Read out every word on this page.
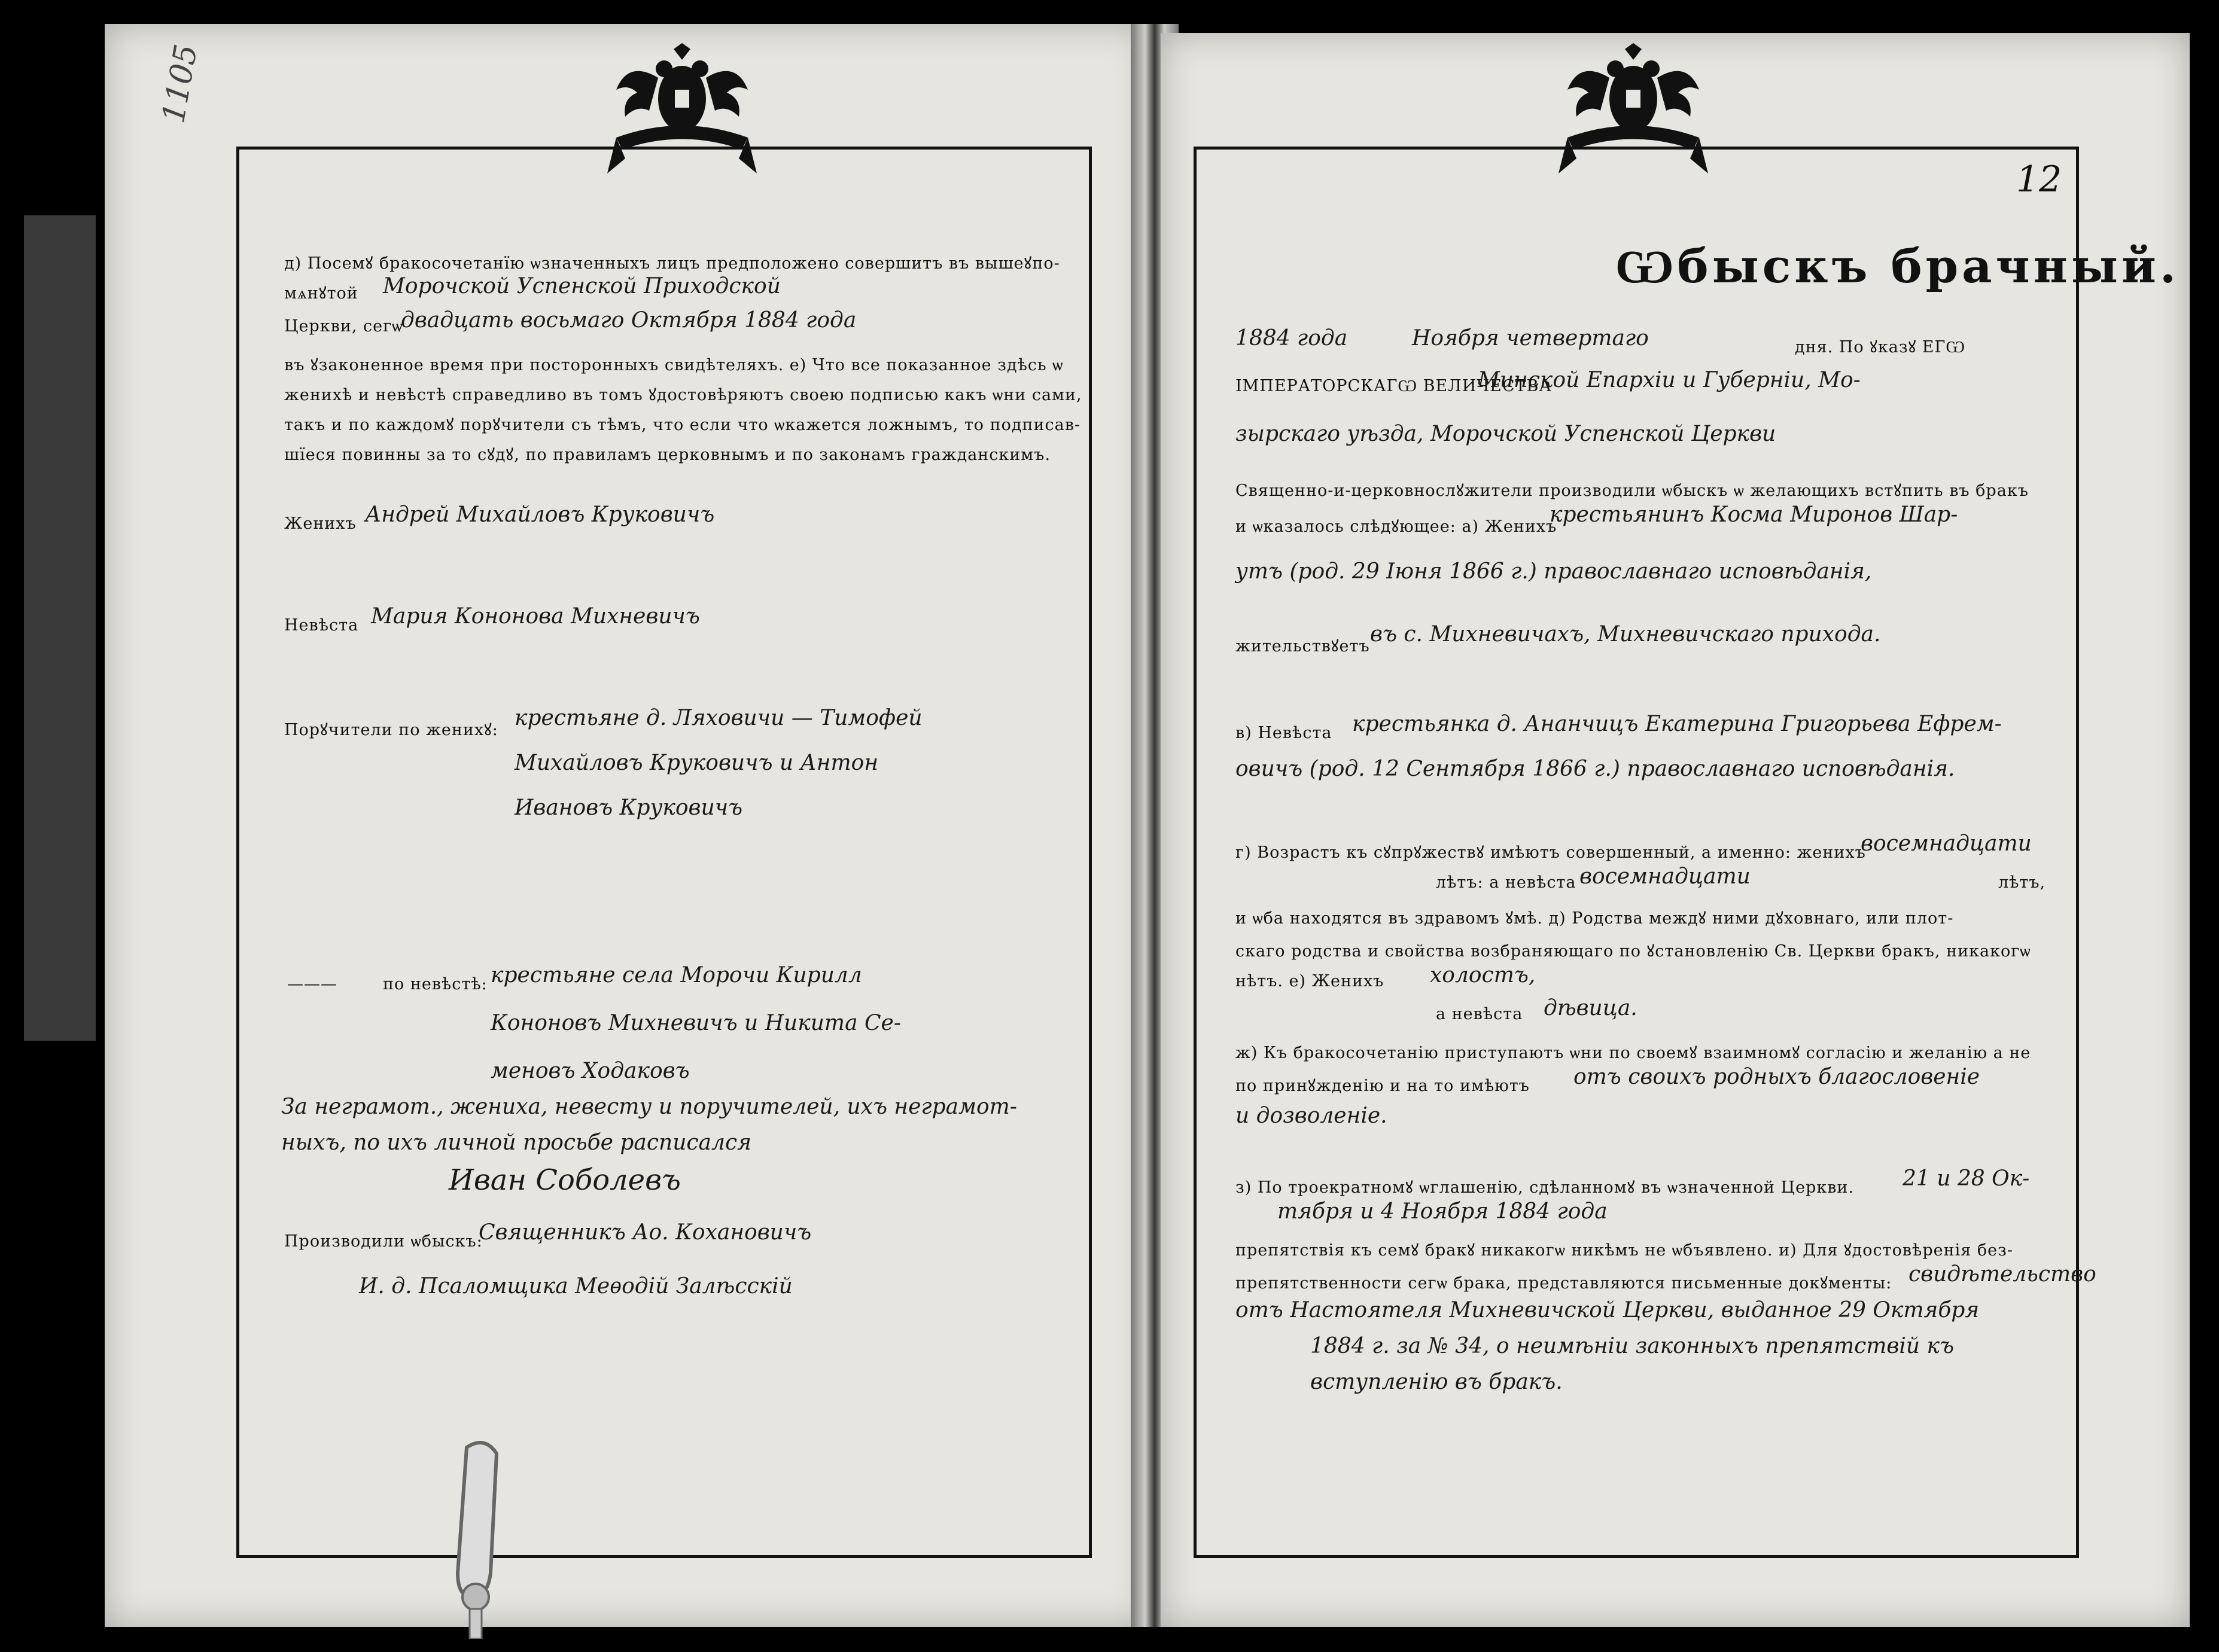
1105
д) Посемꙋ бракосочетанїю ѡзначенныхъ лицъ предположено совершитъ въ вышеꙋпо-
мѧнꙋтой Морочской Успенской Приходской
Церкви, сегѡ
двадцать восьмаго Октября 1884 года
въ ꙋзаконенное время при посторонныхъ свидѣтеляхъ. е) Что все показанное здѣсь ѡ
женихѣ и невѣстѣ справедливо въ томъ ꙋдостовѣряютъ своею подписью какъ ѡни сами,
такъ и по каждомꙋ порꙋчители съ тѣмъ, что если что ѡкажется ложнымъ, то подписав-
шїеся повинны за то сꙋдꙋ, по правиламъ церковнымъ и по законамъ гражданскимъ.
Женихъ Андрей Михайловъ Круковичъ
Невѣста Мария Кононова Михневичъ
Порꙋчители по женихꙋ: крестьяне д. Ляховичи — Тимофей
Михайловъ Круковичъ и Антон
Ивановъ Круковичъ
———	по невѣстѣ: крестьяне села Морочи Кирилл
Кононовъ Михневичъ и Никита Се-
меновъ Ходаковъ
За неграмот., жениха, невесту и поручителей, ихъ неграмот-
ныхъ, по ихъ личной просьбе расписался
Иван Соболевъ
Производили ѡбыскъ:
Священникъ Ао. Кохановичъ
И. д. Псаломщика Меѳодій Залѣсскій
12
Ѡбыскъ брачный.
1884 года	Ноября четвертаго	дня. По ꙋказꙋ ЕГѠ
ІМПЕРАТОРСКАГѠ ВЕЛИЧЕСТВА
Минской Епархіи и Губерніи, Мо-
зырскаго уѣзда, Морочской Успенской Церкви
Священно-и-церковнослꙋжители производили ѡбыскъ ѡ желающихъ встꙋпить въ бракъ
и ѡказалось слѣдꙋющее: а) Женихъ
крестьянинъ Косма Миронов Шар-
утъ (род. 29 Іюня 1866 г.) православнаго исповѣданія,
жительствꙋетъ въ с. Михневичахъ, Михневичскаго прихода.
в) Невѣста крестьянка д. Ананчицъ Екатерина Григорьева Ефрем-
овичъ (род. 12 Сентября 1866 г.) православнаго исповѣданія.
г) Возрастъ къ сꙋпрꙋжествꙋ имѣютъ совершенный, а именно: женихъ
восемнадцати
лѣтъ: а невѣста восемнадцати	лѣтъ,
и ѡба находятся въ здравомъ ꙋмѣ. д) Родства междꙋ ними дꙋховнаго, или плот-
скаго родства и свойства возбраняющаго по ꙋстановленію Св. Церкви бракъ, никакогѡ
нѣтъ. е) Женихъ холостъ,
а невѣста дѣвица.
ж) Къ бракосочетанію приступаютъ ѡни по своемꙋ взаимномꙋ согласію и желанію а не
по принꙋжденію и на то имѣютъ отъ своихъ родныхъ благословеніе
и дозволеніе.
з) По троекратномꙋ ѡглашенію, сдѣланномꙋ въ ѡзначенной Церкви. 21 и 28 Ок-
тября и 4 Ноября 1884 года
препятствія къ семꙋ бракꙋ никакогѡ никѣмъ не ѡбъявлено. и) Для ꙋдостовѣренія без-
препятственности сегѡ брака, представляются письменные докꙋменты: свидѣтельство
отъ Настоятеля Михневичской Церкви, выданное 29 Октября
1884 г. за № 34, о неимѣніи законныхъ препятствій къ
вступленію въ бракъ.
